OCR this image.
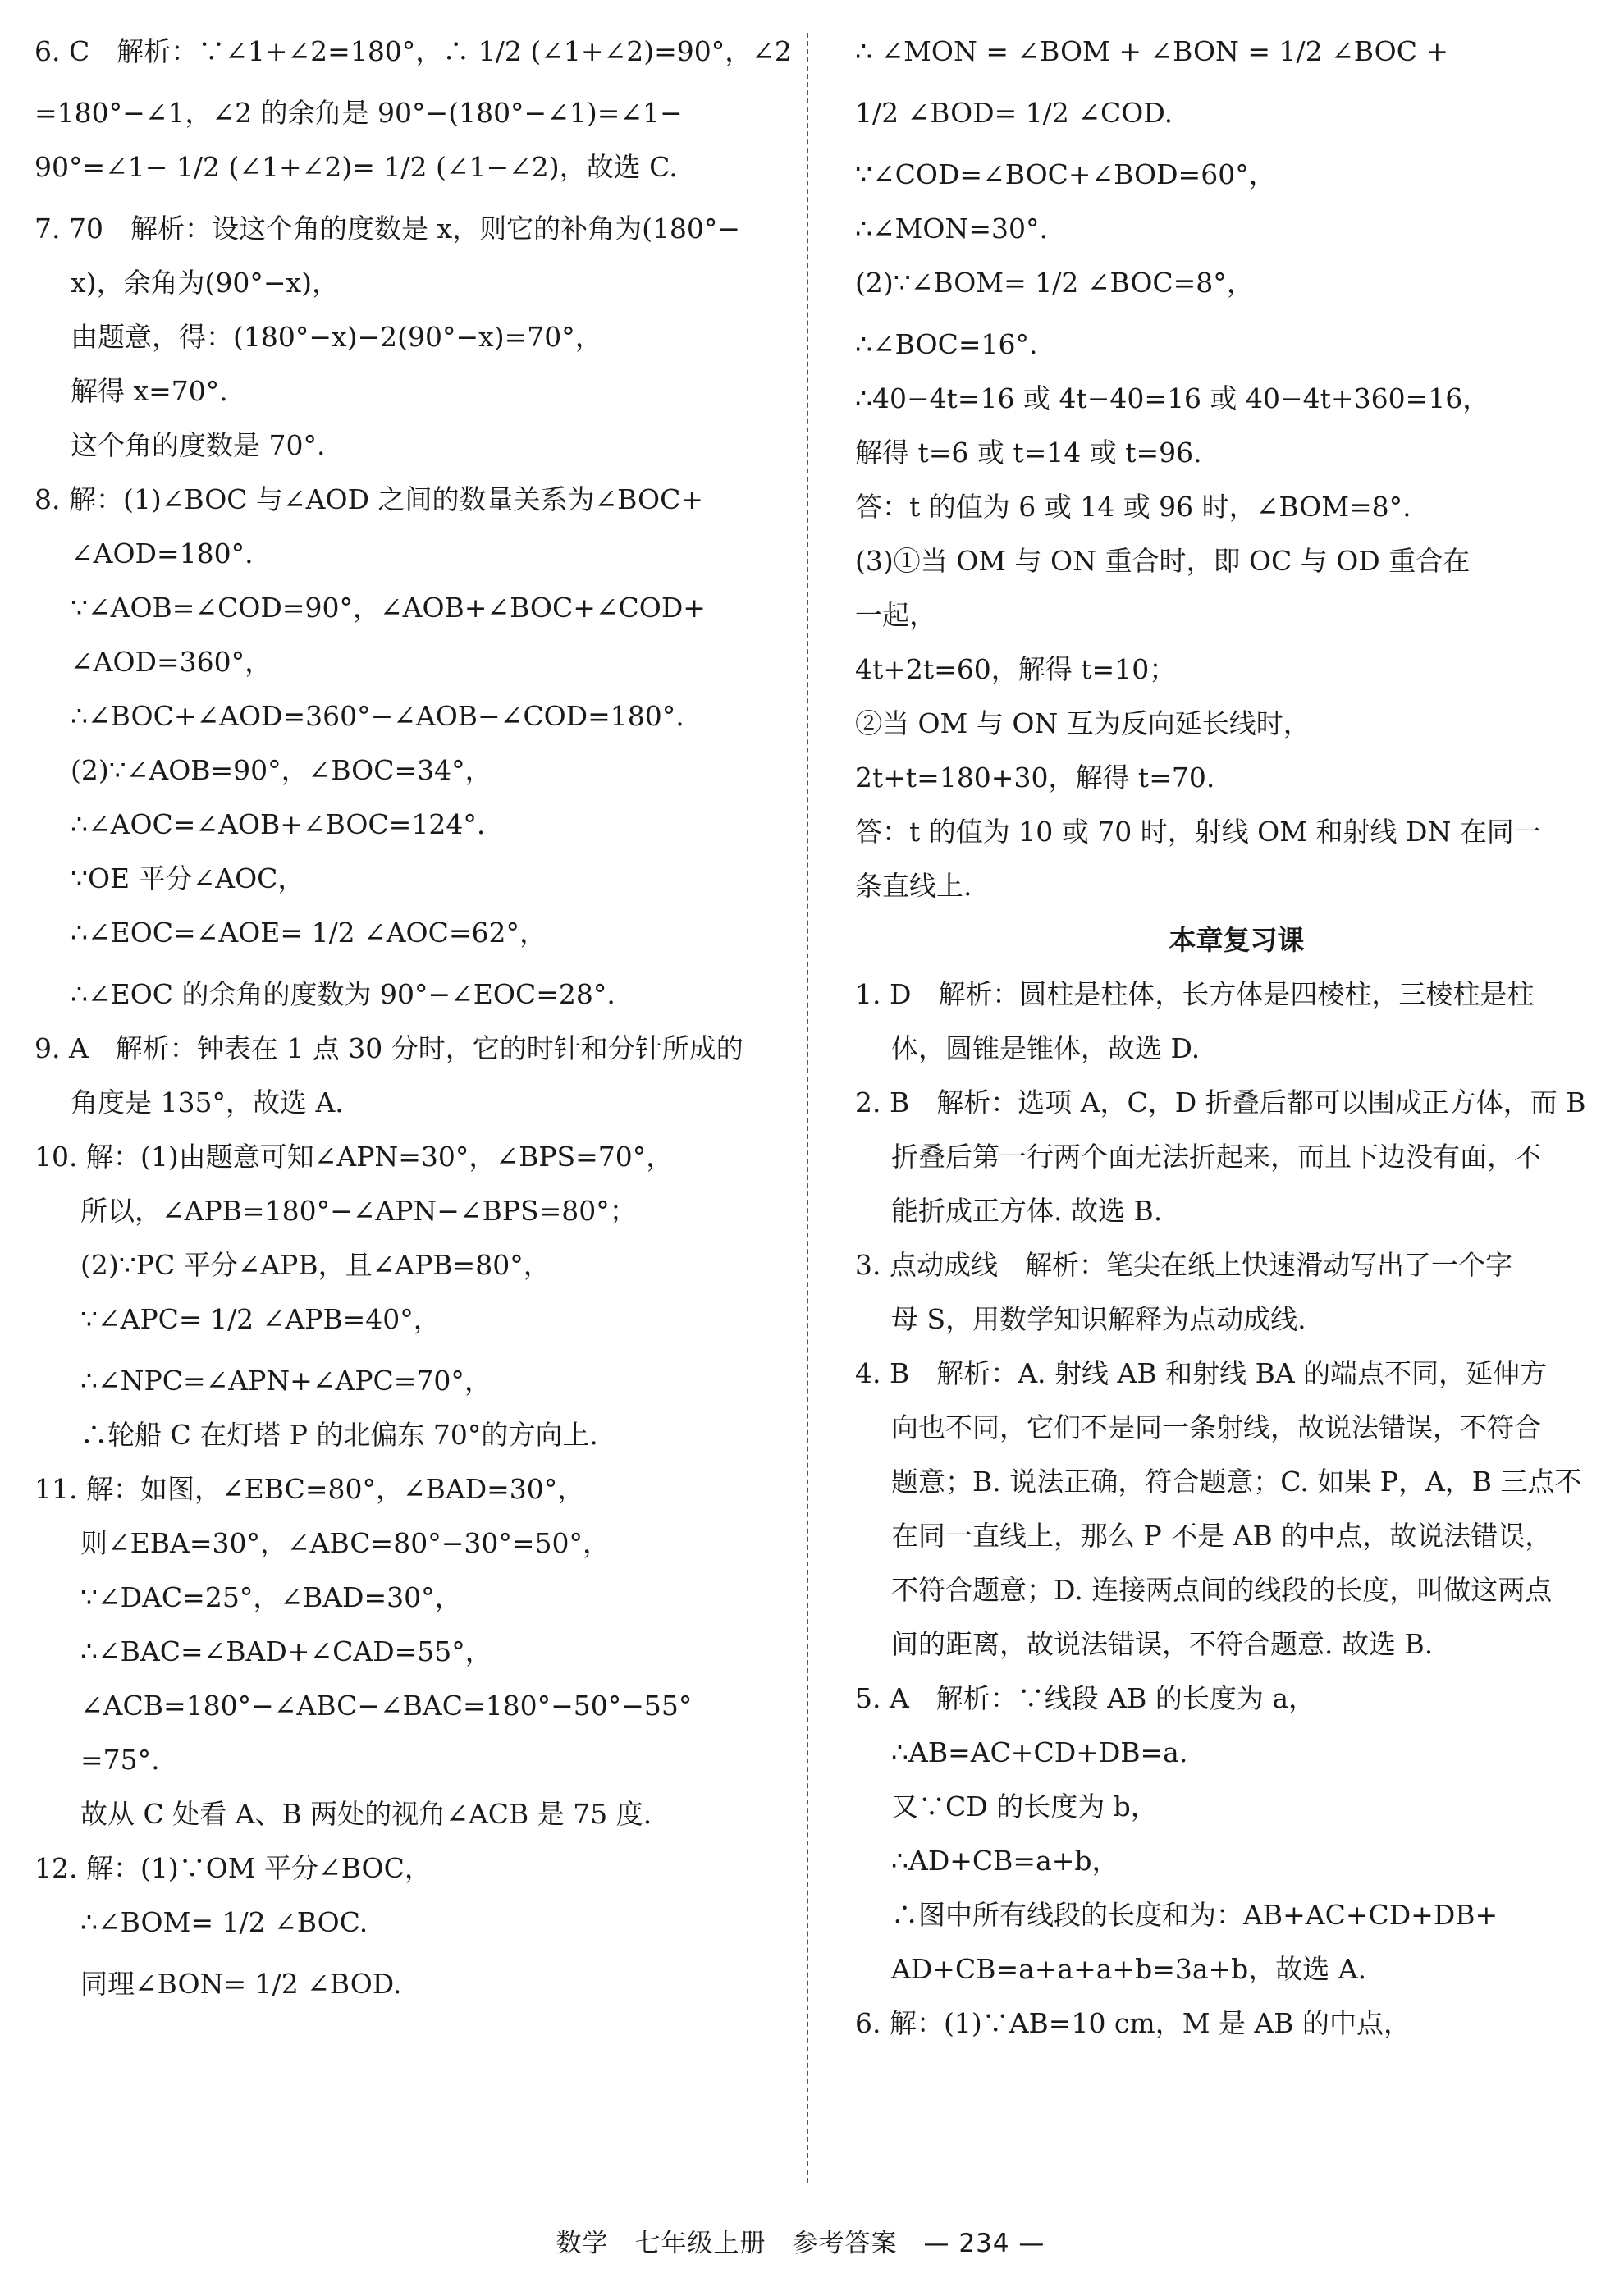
6. C　解析：∵∠1+∠2=180°，∴ 1/2 (∠1+∠2)=90°，∠2
=180°−∠1，∠2 的余角是 90°−(180°−∠1)=∠1−
90°=∠1− 1/2 (∠1+∠2)= 1/2 (∠1−∠2)，故选 C.
7. 70　解析：设这个角的度数是 x，则它的补角为(180°−
x)，余角为(90°−x)，
由题意，得：(180°−x)−2(90°−x)=70°，
解得 x=70°.
这个角的度数是 70°.
8. 解：(1)∠BOC 与∠AOD 之间的数量关系为∠BOC+
∠AOD=180°.
∵∠AOB=∠COD=90°，∠AOB+∠BOC+∠COD+
∠AOD=360°，
∴∠BOC+∠AOD=360°−∠AOB−∠COD=180°.
(2)∵∠AOB=90°，∠BOC=34°，
∴∠AOC=∠AOB+∠BOC=124°.
∵OE 平分∠AOC，
∴∠EOC=∠AOE= 1/2 ∠AOC=62°，
∴∠EOC 的余角的度数为 90°−∠EOC=28°.
9. A　解析：钟表在 1 点 30 分时，它的时针和分针所成的
角度是 135°，故选 A.
10. 解：(1)由题意可知∠APN=30°，∠BPS=70°，
所以，∠APB=180°−∠APN−∠BPS=80°；
(2)∵PC 平分∠APB，且∠APB=80°，
∵∠APC= 1/2 ∠APB=40°，
∴∠NPC=∠APN+∠APC=70°，
∴轮船 C 在灯塔 P 的北偏东 70°的方向上.
11. 解：如图，∠EBC=80°，∠BAD=30°，
则∠EBA=30°，∠ABC=80°−30°=50°，
∵∠DAC=25°，∠BAD=30°，
∴∠BAC=∠BAD+∠CAD=55°，
∠ACB=180°−∠ABC−∠BAC=180°−50°−55°
=75°.
故从 C 处看 A、B 两处的视角∠ACB 是 75 度.
12. 解：(1)∵OM 平分∠BOC，
∴∠BOM= 1/2 ∠BOC.
同理∠BON= 1/2 ∠BOD.
∴ ∠MON = ∠BOM + ∠BON = 1/2 ∠BOC +
1/2 ∠BOD= 1/2 ∠COD.
∵∠COD=∠BOC+∠BOD=60°，
∴∠MON=30°.
(2)∵∠BOM= 1/2 ∠BOC=8°，
∴∠BOC=16°.
∴40−4t=16 或 4t−40=16 或 40−4t+360=16，
解得 t=6 或 t=14 或 t=96.
答：t 的值为 6 或 14 或 96 时，∠BOM=8°.
(3)①当 OM 与 ON 重合时，即 OC 与 OD 重合在
一起，
4t+2t=60，解得 t=10；
②当 OM 与 ON 互为反向延长线时，
2t+t=180+30，解得 t=70.
答：t 的值为 10 或 70 时，射线 OM 和射线 DN 在同一
条直线上.
本章复习课
1. D　解析：圆柱是柱体，长方体是四棱柱，三棱柱是柱
体，圆锥是锥体，故选 D.
2. B　解析：选项 A，C，D 折叠后都可以围成正方体，而 B
折叠后第一行两个面无法折起来，而且下边没有面，不
能折成正方体. 故选 B.
3. 点动成线　解析：笔尖在纸上快速滑动写出了一个字
母 S，用数学知识解释为点动成线.
4. B　解析：A. 射线 AB 和射线 BA 的端点不同，延伸方
向也不同，它们不是同一条射线，故说法错误，不符合
题意；B. 说法正确，符合题意；C. 如果 P，A，B 三点不
在同一直线上，那么 P 不是 AB 的中点，故说法错误，
不符合题意；D. 连接两点间的线段的长度，叫做这两点
间的距离，故说法错误，不符合题意. 故选 B.
5. A　解析：∵线段 AB 的长度为 a，
∴AB=AC+CD+DB=a.
又∵CD 的长度为 b，
∴AD+CB=a+b，
∴图中所有线段的长度和为：AB+AC+CD+DB+
AD+CB=a+a+a+b=3a+b，故选 A.
6. 解：(1)∵AB=10 cm，M 是 AB 的中点，
数学　七年级上册　参考答案　— 234 —
